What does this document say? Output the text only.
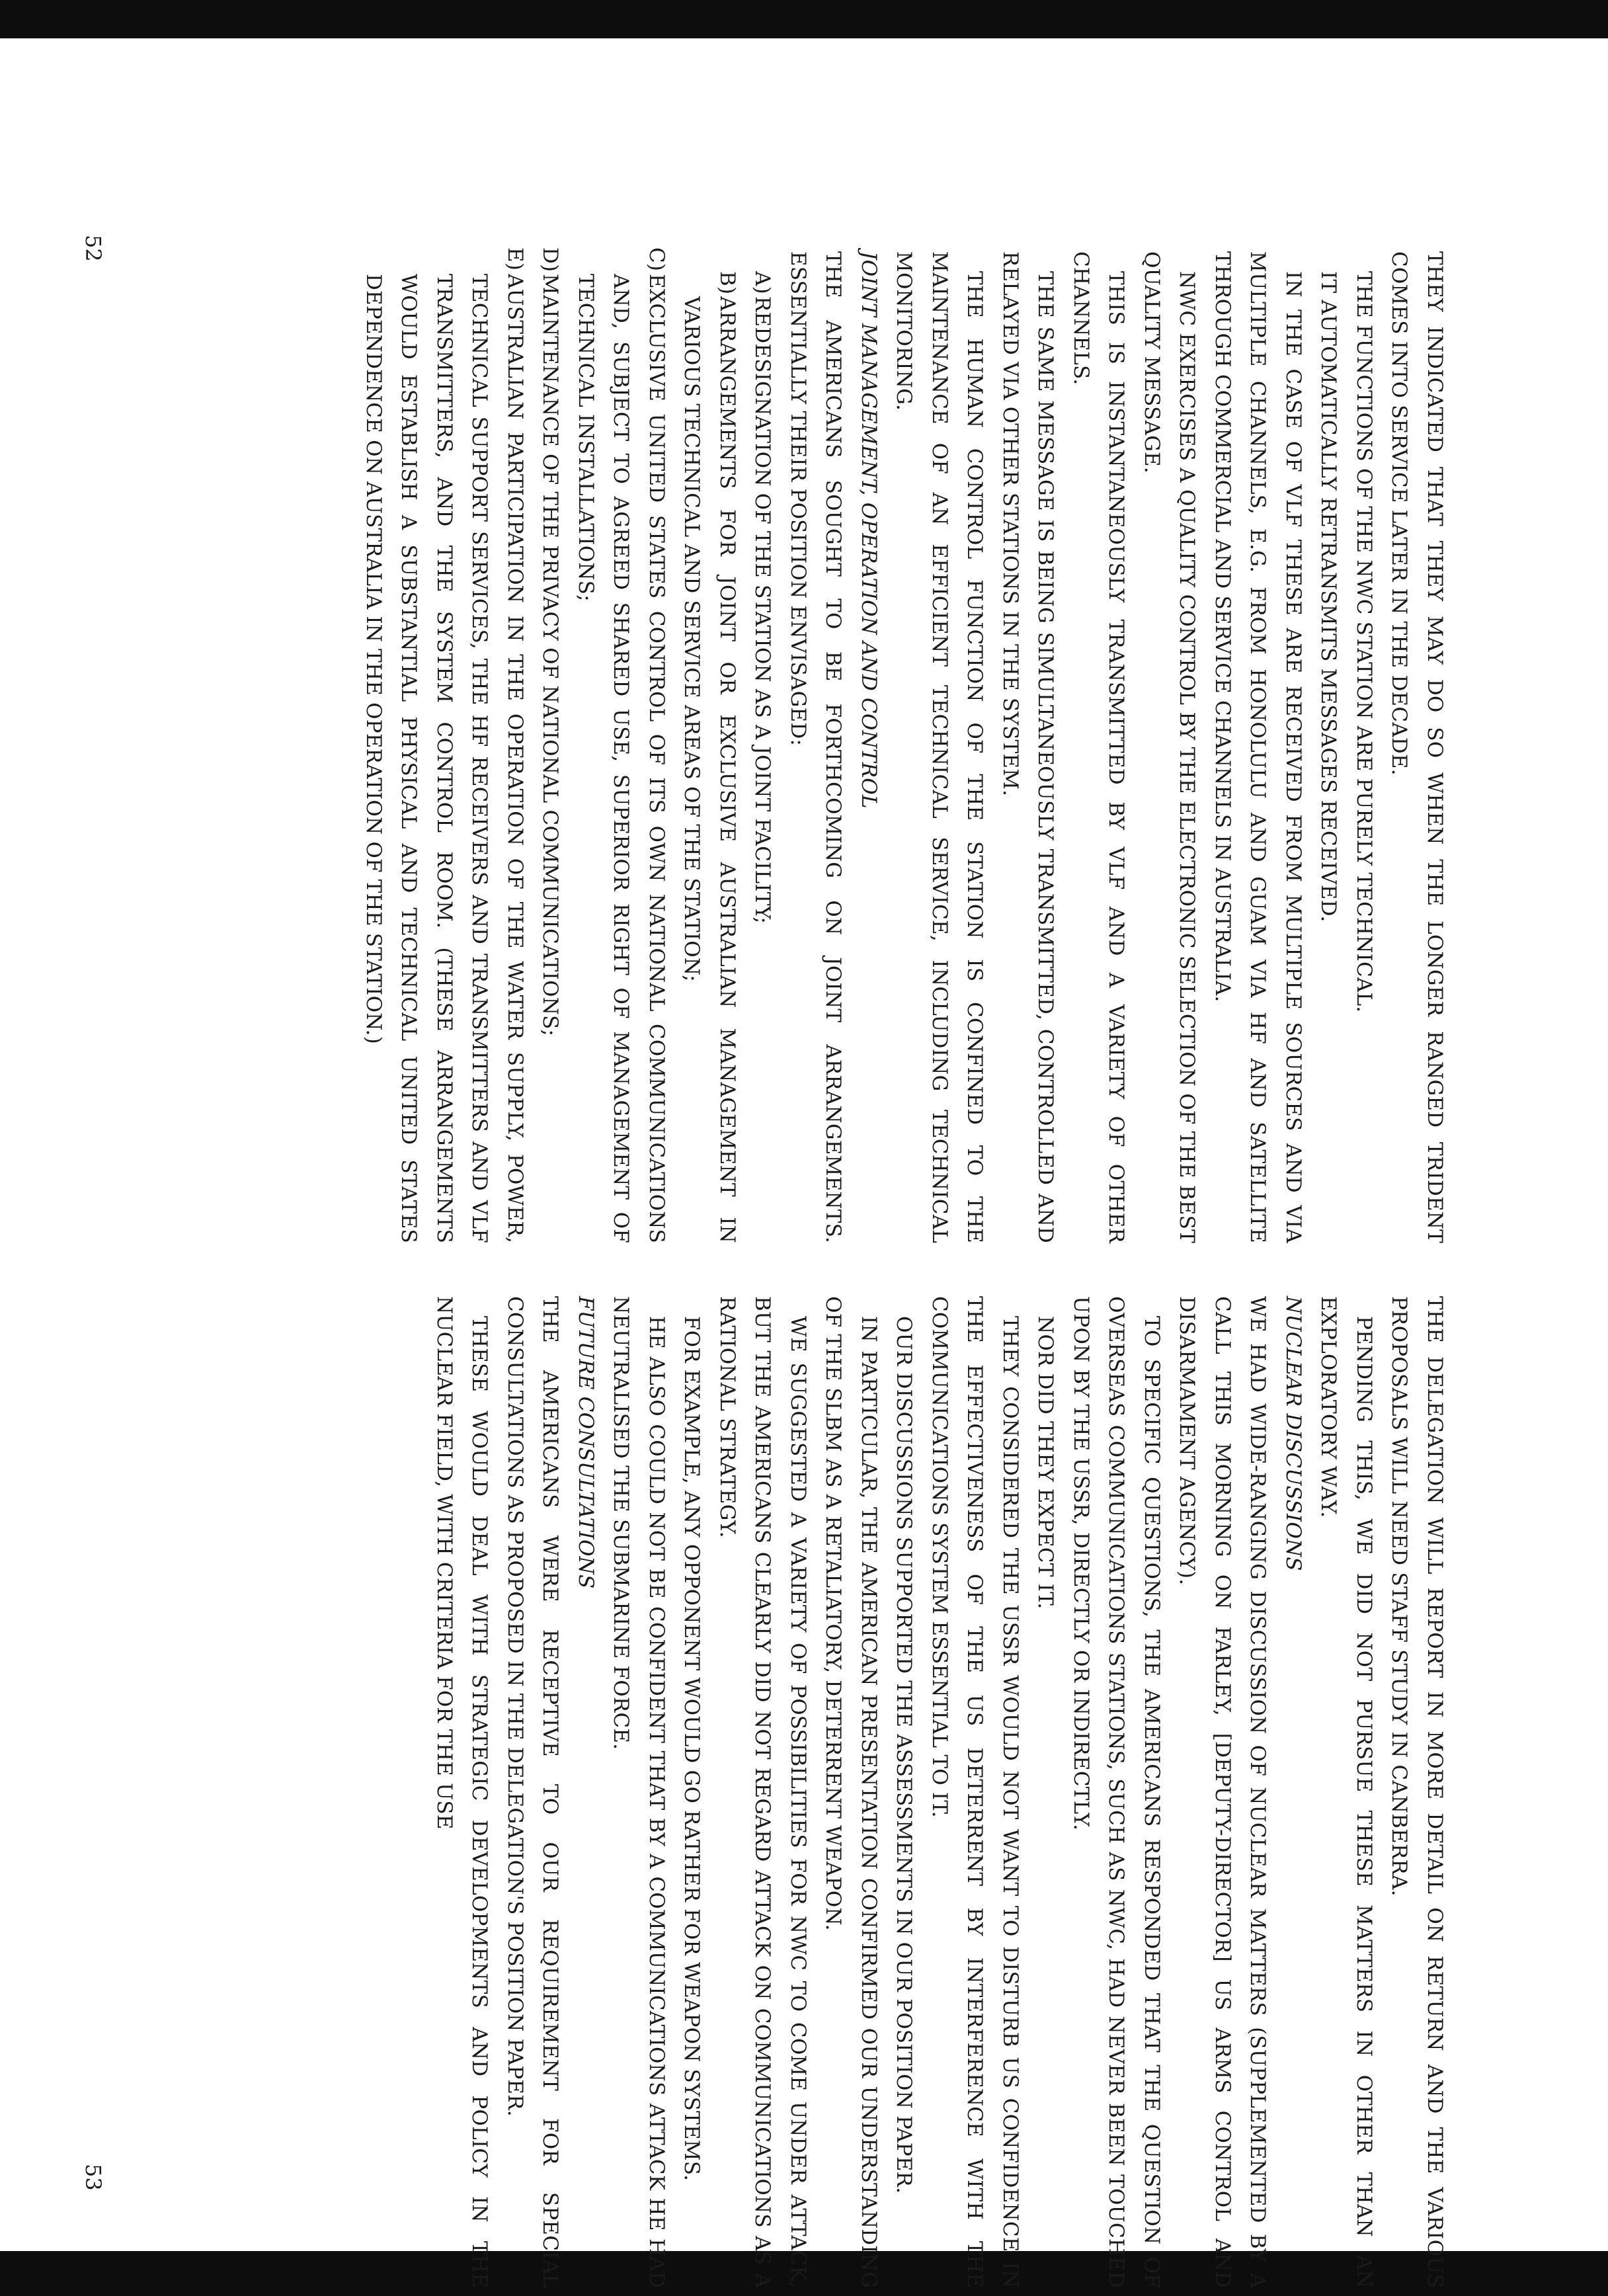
THEY INDICATED THAT THEY MAY DO SO WHEN THE LONGER RANGED TRIDENT COMES INTO SERVICE LATER IN THE DECADE.

THE FUNCTIONS OF THE NWC STATION ARE PURELY TECHNICAL.

IT AUTOMATICALLY RETRANSMITS MESSAGES RECEIVED.

IN THE CASE OF VLF THESE ARE RECEIVED FROM MULTIPLE SOURCES AND VIA MULTIPLE CHANNELS, E.G. FROM HONOLULU AND GUAM VIA HF AND SATELLITE THROUGH COMMERCIAL AND SERVICE CHANNELS IN AUSTRALIA.

NWC EXERCISES A QUALITY CONTROL BY THE ELECTRONIC SELECTION OF THE BEST QUALITY MESSAGE.

THIS IS INSTANTANEOUSLY TRANSMITTED BY VLF AND A VARIETY OF OTHER CHANNELS.

THE SAME MESSAGE IS BEING SIMULTANEOUSLY TRANSMITTED, CONTROLLED AND RELAYED VIA OTHER STATIONS IN THE SYSTEM.

THE HUMAN CONTROL FUNCTION OF THE STATION IS CONFINED TO THE MAINTENANCE OF AN EFFICIENT TECHNICAL SERVICE, INCLUDING TECHNICAL MONITORING.

JOINT MANAGEMENT, OPERATION AND CONTROL

THE AMERICANS SOUGHT TO BE FORTHCOMING ON JOINT ARRANGEMENTS. ESSENTIALLY THEIR POSITION ENVISAGED:

A)
REDESIGNATION OF THE STATION AS A JOINT FACILITY;

B)
ARRANGEMENTS FOR JOINT OR EXCLUSIVE AUSTRALIAN MANAGEMENT IN VARIOUS TECHNICAL AND SERVICE AREAS OF THE STATION;

C)
EXCLUSIVE UNITED STATES CONTROL OF ITS OWN NATIONAL COMMUNICATIONS AND, SUBJECT TO AGREED SHARED USE, SUPERIOR RIGHT OF MANAGEMENT OF TECHNICAL INSTALLATIONS;

D)
MAINTENANCE OF THE PRIVACY OF NATIONAL COMMUNICATIONS;

E)
AUSTRALIAN PARTICIPATION IN THE OPERATION OF THE WATER SUPPLY, POWER, TECHNICAL SUPPORT SERVICES, THE HF RECEIVERS AND TRANSMITTERS AND VLF TRANSMITTERS, AND THE SYSTEM CONTROL ROOM. (THESE ARRANGEMENTS WOULD ESTABLISH A SUBSTANTIAL PHYSICAL AND TECHNICAL UNITED STATES DEPENDENCE ON AUSTRALIA IN THE OPERATION OF THE STATION.)

THE DELEGATION WILL REPORT IN MORE DETAIL ON RETURN AND THE VARIOUS PROPOSALS WILL NEED STAFF STUDY IN CANBERRA.

PENDING THIS, WE DID NOT PURSUE THESE MATTERS IN OTHER THAN AN EXPLORATORY WAY.

NUCLEAR DISCUSSIONS

WE HAD WIDE-RANGING DISCUSSION OF NUCLEAR MATTERS (SUPPLEMENTED BY A CALL THIS MORNING ON FARLEY, [DEPUTY-DIRECTOR] US ARMS CONTROL AND DISARMAMENT AGENCY).

TO SPECIFIC QUESTIONS, THE AMERICANS RESPONDED THAT THE QUESTION OF OVERSEAS COMMUNICATIONS STATIONS, SUCH AS NWC, HAD NEVER BEEN TOUCHED UPON BY THE USSR, DIRECTLY OR INDIRECTLY.

NOR DID THEY EXPECT IT.

THEY CONSIDERED THE USSR WOULD NOT WANT TO DISTURB US CONFIDENCE IN THE EFFECTIVENESS OF THE US DETERRENT BY INTERFERENCE WITH THE COMMUNICATIONS SYSTEM ESSENTIAL TO IT.

OUR DISCUSSIONS SUPPORTED THE ASSESSMENTS IN OUR POSITION PAPER.

IN PARTICULAR, THE AMERICAN PRESENTATION CONFIRMED OUR UNDERSTANDING OF THE SLBM AS A RETALIATORY, DETERRENT WEAPON.

WE SUGGESTED A VARIETY OF POSSIBILITIES FOR NWC TO COME UNDER ATTACK, BUT THE AMERICANS CLEARLY DID NOT REGARD ATTACK ON COMMUNICATIONS AS A RATIONAL STRATEGY.

FOR EXAMPLE, ANY OPPONENT WOULD GO RATHER FOR WEAPON SYSTEMS.

HE ALSO COULD NOT BE CONFIDENT THAT BY A COMMUNICATIONS ATTACK HE HAD NEUTRALISED THE SUBMARINE FORCE.

FUTURE CONSULTATIONS

THE AMERICANS WERE RECEPTIVE TO OUR REQUIREMENT FOR SPECIAL CONSULTATIONS AS PROPOSED IN THE DELEGATION'S POSITION PAPER.

THESE WOULD DEAL WITH STRATEGIC DEVELOPMENTS AND POLICY IN THE NUCLEAR FIELD, WITH CRITERIA FOR THE USE

52
53
